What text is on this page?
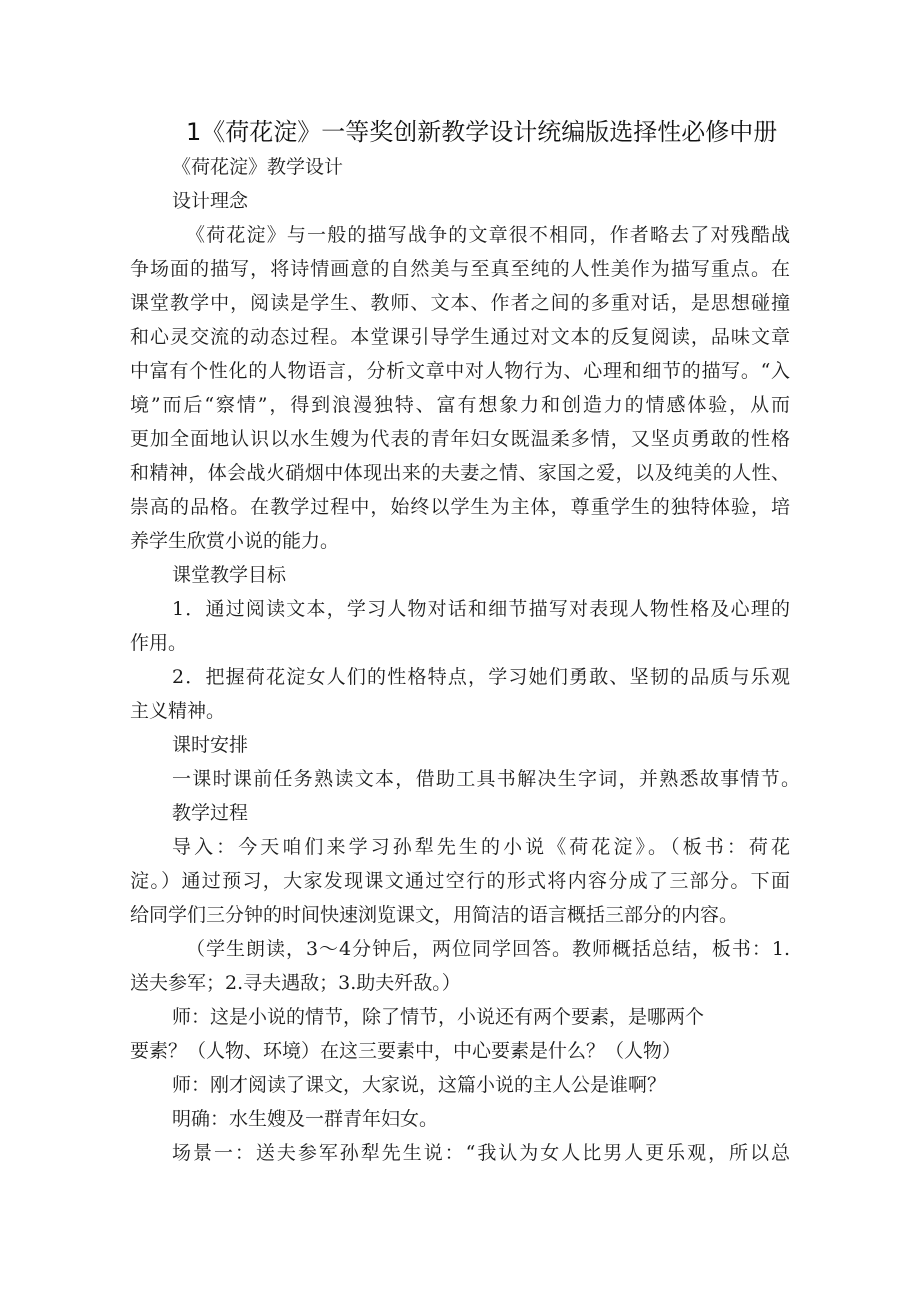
1《荷花淀》一等奖创新教学设计统编版选择性必修中册
《荷花淀》教学设计
设计理念
《荷花淀》与一般的描写战争的文章很不相同，作者略去了对残酷战
争场面的描写，将诗情画意的自然美与至真至纯的人性美作为描写重点。在
课堂教学中，阅读是学生、教师、文本、作者之间的多重对话，是思想碰撞
和心灵交流的动态过程。本堂课引导学生通过对文本的反复阅读，品味文章
中富有个性化的人物语言，分析文章中对人物行为、心理和细节的描写。“入
境”而后“察情”，得到浪漫独特、富有想象力和创造力的情感体验，从而
更加全面地认识以水生嫂为代表的青年妇女既温柔多情，又坚贞勇敢的性格
和精神，体会战火硝烟中体现出来的夫妻之情、家国之爱，以及纯美的人性、
崇高的品格。在教学过程中，始终以学生为主体，尊重学生的独特体验，培
养学生欣赏小说的能力。
课堂教学目标
1．通过阅读文本，学习人物对话和细节描写对表现人物性格及心理的
作用。
2．把握荷花淀女人们的性格特点，学习她们勇敢、坚韧的品质与乐观
主义精神。
课时安排
一课时课前任务熟读文本，借助工具书解决生字词，并熟悉故事情节。
教学过程
导入：今天咱们来学习孙犁先生的小说《荷花淀》。（板书：荷花
淀。）通过预习，大家发现课文通过空行的形式将内容分成了三部分。下面
给同学们三分钟的时间快速浏览课文，用简洁的语言概括三部分的内容。
（学生朗读，3～4分钟后，两位同学回答。教师概括总结，板书：1.
送夫参军；2.寻夫遇敌；3.助夫歼敌。）
师：这是小说的情节，除了情节，小说还有两个要素，是哪两个
要素？（人物、环境）在这三要素中，中心要素是什么？（人物）
师：刚才阅读了课文，大家说，这篇小说的主人公是谁啊？
明确：水生嫂及一群青年妇女。
场景一：送夫参军孙犁先生说：“我认为女人比男人更乐观，所以总
